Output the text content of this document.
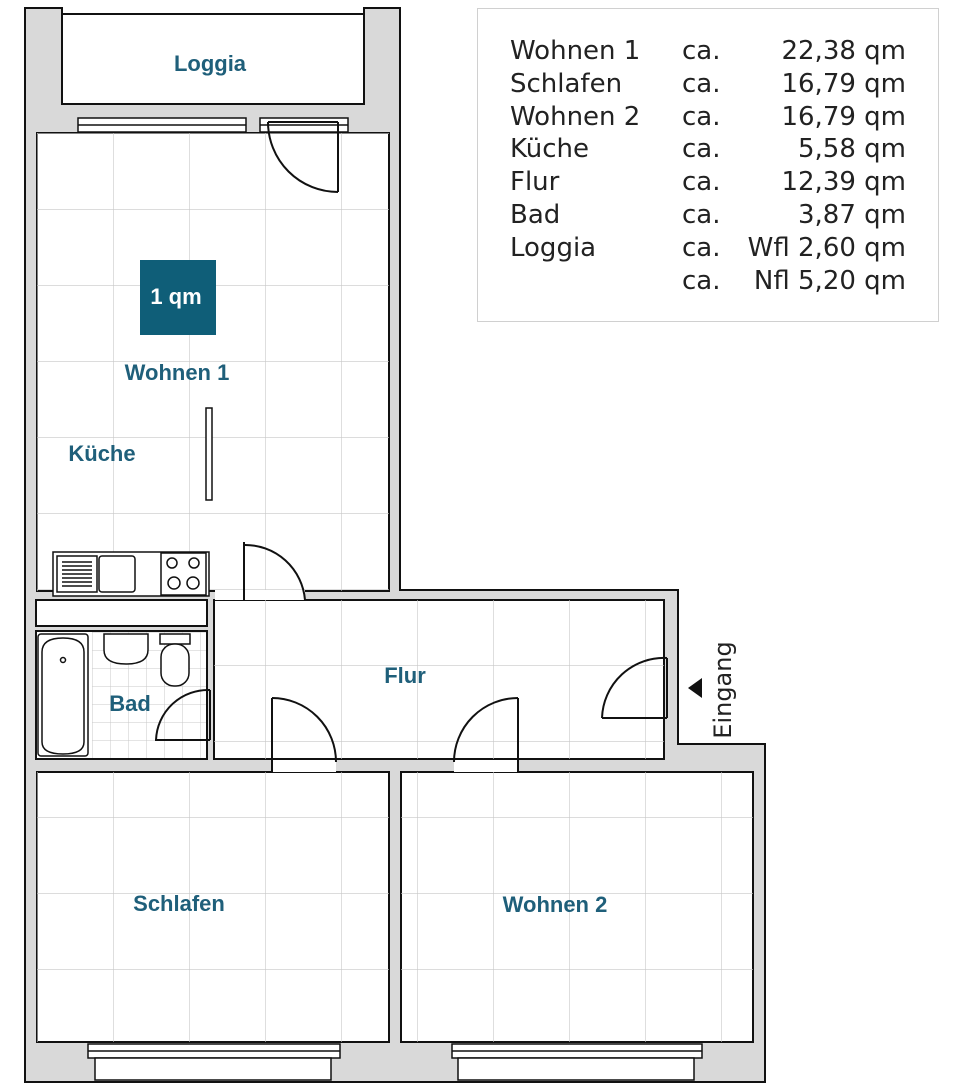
1 qm
Loggia
Wohnen 1
Küche
Flur
Bad
Schlafen	Wohnen 2
Eingang
Wohnen 1	ca.	22,38 qm
Schlafen	ca.	16,79 qm
Wohnen 2	ca.	16,79 qm
Küche	ca.	5,58 qm
Flur	ca.	12,39 qm
Bad	ca.	3,87 qm
Loggia	ca.	Wfl 2,60 qm
	ca.	Nfl 5,20 qm
